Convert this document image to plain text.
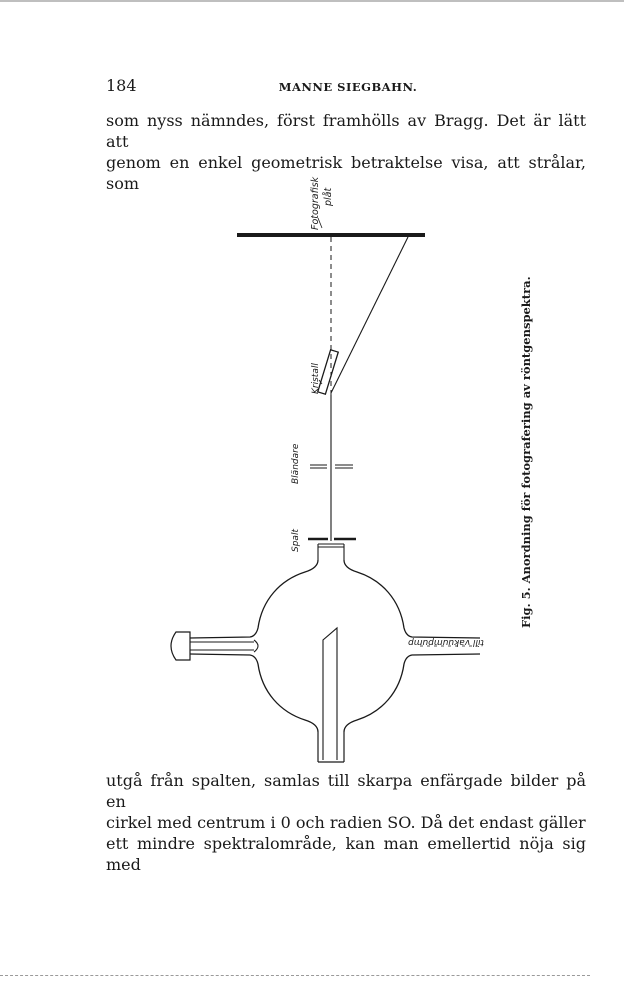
184	MANNE SIEGBAHN.

som nyss nämndes, först framhölls av Bragg. Det är lätt att

genom en enkel geometrisk betraktelse visa, att strålar, som	Fotografisk plåt
Kristall
Bländare
Spalt
till vakuumpump
Fig. 5. Anordning för fotografering av röntgenspektra.

utgå från spalten, samlas till skarpa enfärgade bilder på en

cirkel med centrum i 0 och radien SO. Då det endast gäller

ett mindre spektralområde, kan man emellertid nöja sig med
